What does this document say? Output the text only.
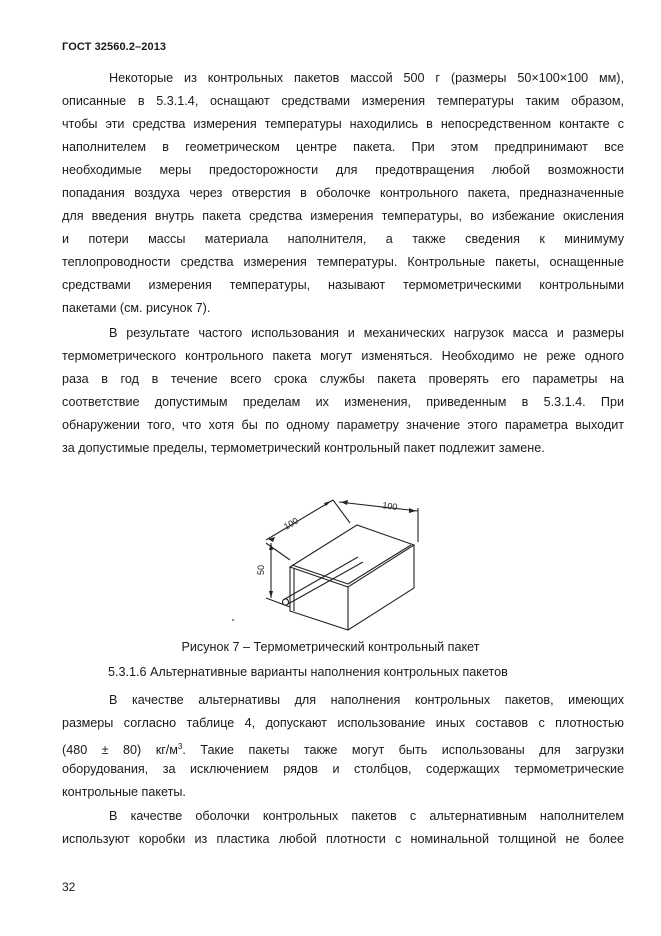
ГОСТ 32560.2–2013

Некоторые из контрольных пакетов массой 500 г (размеры 50×100×100 мм),

описанные в 5.3.1.4, оснащают средствами измерения температуры таким образом,

чтобы эти средства измерения температуры находились в непосредственном контакте с

наполнителем в геометрическом центре пакета. При этом предпринимают все

необходимые меры предосторожности для предотвращения любой возможности

попадания воздуха через отверстия в оболочке контрольного пакета, предназначенные

для введения внутрь пакета средства измерения температуры, во избежание окисления

и потери массы материала наполнителя, а также сведения к минимуму

теплопроводности средства измерения температуры. Контрольные пакеты, оснащенные

средствами измерения температуры, называют термометрическими контрольными

пакетами (см. рисунок 7).

В результате частого использования и механических нагрузок масса и размеры

термометрического контрольного пакета могут изменяться. Необходимо не реже одного

раза в год в течение всего срока службы пакета проверять его параметры на

соответствие допустимым пределам их изменения, приведенным в 5.3.1.4. При

обнаружении того, что хотя бы по одному параметру значение этого параметра выходит

за допустимые пределы, термометрический контрольный пакет подлежит замене.

100
100
50
Рисунок 7 – Термометрический контрольный пакет
5.3.1.6 Альтернативные варианты наполнения контрольных пакетов

В качестве альтернативы для наполнения контрольных пакетов, имеющих

размеры согласно таблице 4, допускают использование иных составов с плотностью

(480 ± 80) $кг/м^3$. Такие пакеты также могут быть использованы для загрузки

оборудования, за исключением рядов и столбцов, содержащих термометрические

контрольные пакеты.

В качестве оболочки контрольных пакетов с альтернативным наполнителем

используют коробки из пластика любой плотности с номинальной толщиной не более

32
